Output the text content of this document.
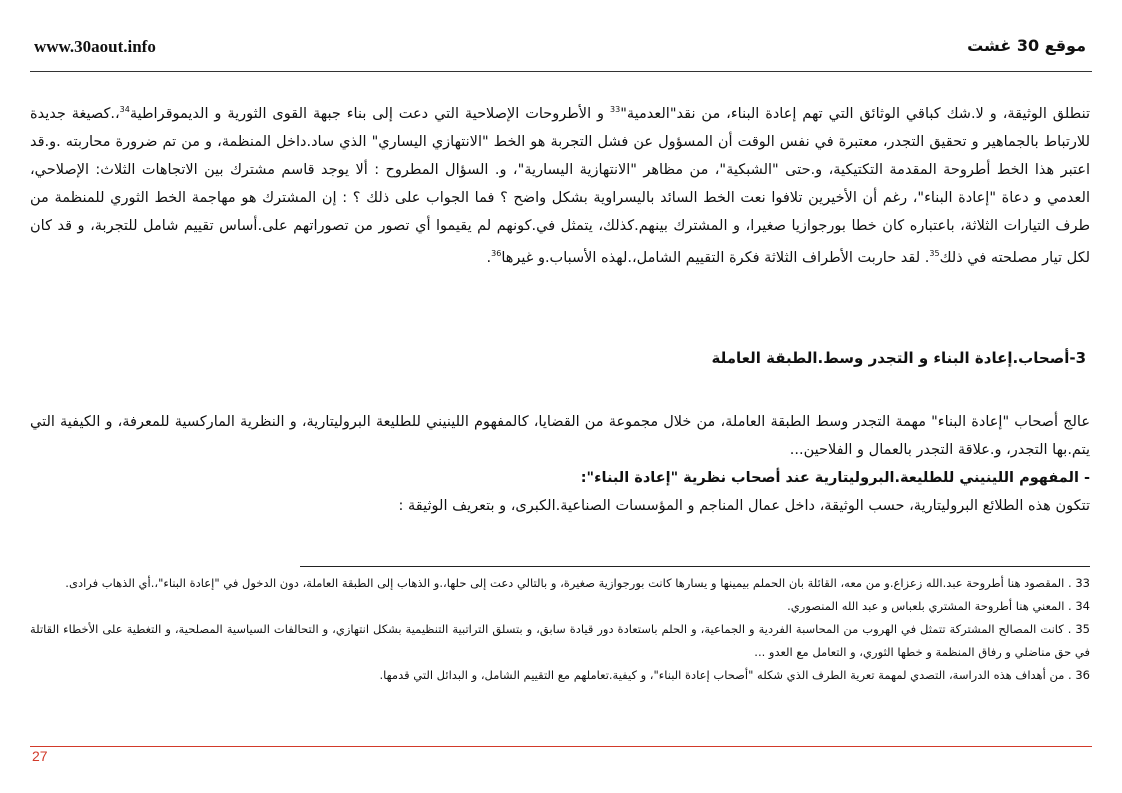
www.30aout.info	موقع 30 غشت
تنطلق الوثيقة، و لا.شك كباقي الوثائق التي تهم إعادة البناء، من نقد"العدمية"$^{33}$ و الأطروحات الإصلاحية التي دعت إلى بناء جبهة القوى الثورية و الديموقراطية$^{34}$،.كصيغة جديدة للارتباط بالجماهير و تحقيق التجدر، معتبرة في نفس الوقت أن المسؤول عن فشل التجربة هو الخط "الانتهازي اليساري" الذي ساد.داخل المنظمة، و من تم ضرورة محاربته .و.قد اعتبر هذا الخط أطروحة المقدمة التكتيكية، و.حتى "الشبكية"، من مظاهر "الانتهازية اليسارية"، و. السؤال المطروح : ألا يوجد قاسم مشترك بين الاتجاهات الثلاث: الإصلاحي، العدمي و دعاة "إعادة البناء"، رغم أن الأخيرين تلافوا نعت الخط السائد باليسراوية بشكل واضح ؟ فما الجواب على ذلك ؟ : إن المشترك هو مهاجمة الخط الثوري للمنظمة من طرف التيارات الثلاثة، باعتباره كان خطا بورجوازيا صغيرا، و المشترك بينهم.كذلك، يتمثل في.كونهم لم يقيموا أي تصور من تصوراتهم على.أساس تقييم شامل للتجربة، و قد كان لكل تيار مصلحته في ذلك$^{35}$. لقد حاربت الأطراف الثلاثة فكرة التقييم الشامل،.لهذه الأسباب.و غيرها$^{36}$.
3-أصحاب.إعادة البناء و التجدر وسط.الطبقة العاملة
عالج أصحاب "إعادة البناء" مهمة التجدر وسط الطبقة العاملة، من خلال مجموعة من القضايا، كالمفهوم اللينيني للطليعة البروليتارية، و النظرية الماركسية للمعرفة، و الكيفية التي يتم.بها التجدر، و.علاقة التجدر بالعمال و الفلاحين...
- المفهوم اللينيني للطليعة.البروليتارية عند أصحاب نظرية "إعادة البناء":
تتكون هذه الطلائع البروليتارية، حسب الوثيقة، داخل عمال المناجم و المؤسسات الصناعية.الكبرى، و بتعريف الوثيقة :

33 . المقصود هنا أطروحة عبد.الله زعزاع.و من معه، القائلة بان الحملم بيمينها و يسارها كانت بورجوازية صغيرة، و بالتالي دعت إلى حلها،.و الذهاب إلى الطبقة العاملة، دون الدخول في "إعادة البناء"،.أي الذهاب فرادى.

34 . المعني هنا أطروحة المشتري بلعباس و عبد الله المنصوري.

35 . كانت المصالح المشتركة تتمثل في الهروب من المحاسبة الفردية و الجماعية، و الحلم باستعادة دور قيادة سابق، و بتسلق التراتبية التنظيمية بشكل انتهازي، و التحالفات السياسية المصلحية، و التغطية على الأخطاء القاتلة في حق مناضلي و رفاق المنظمة و خطها الثوري، و التعامل مع العدو ...

36 . من أهداف هذه الدراسة، التصدي لمهمة تعرية الطرف الذي شكله "أصحاب إعادة البناء"، و كيفية.تعاملهم مع التقييم الشامل، و البدائل التي قدمها.

27
